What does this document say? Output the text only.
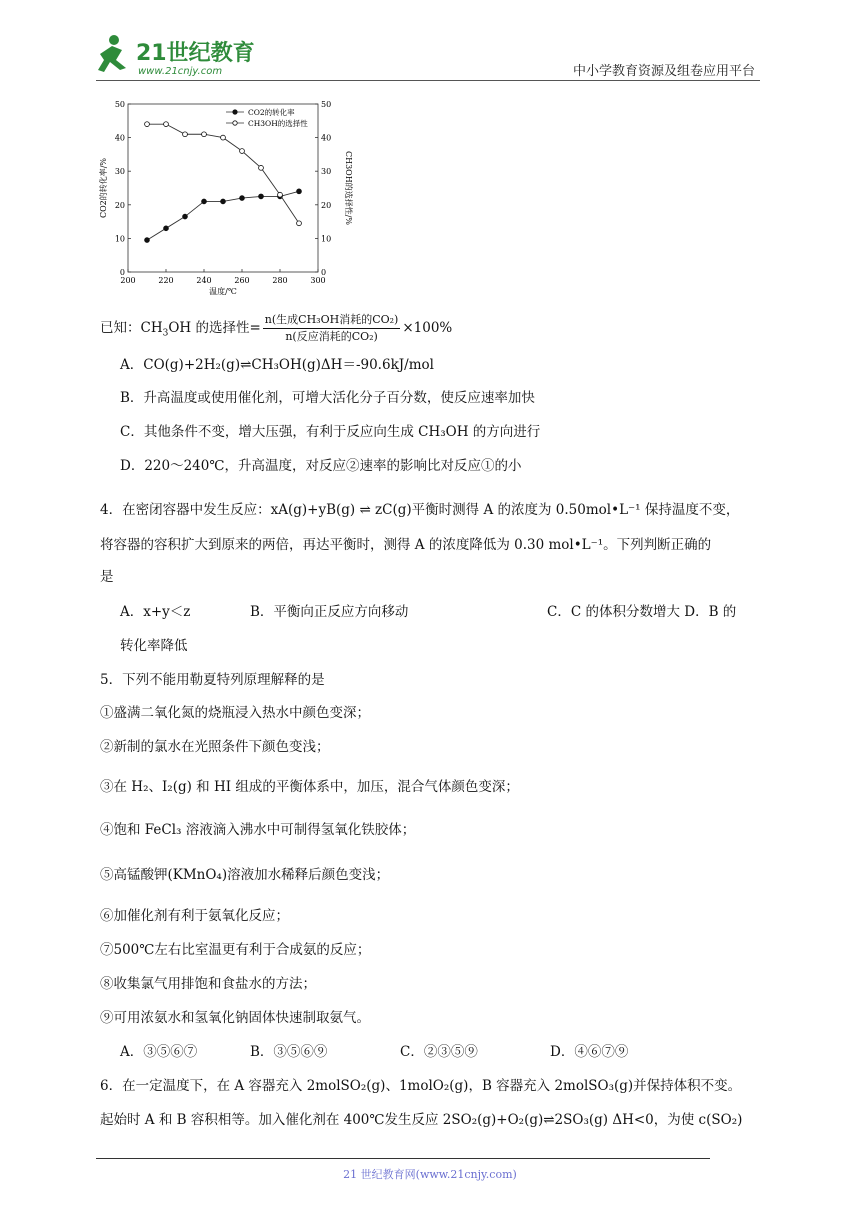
21世纪教育
www.21cnjy.com	中小学教育资源及组卷应用平台
200	220	240	260	280	300
0	0
10	10
20	20
30	30
40	40
50	50
温度/℃
CO2的转化率/%	CH3OH的选择性/%
CO2的转化率
CH3OH的选择性
已知：$CH_3OH$ 的选择性= $\frac{\text{n(生成CH₃OH消耗的CO₂)}}{\text{n(反应消耗的CO₂)}} \times 100\%$
A．CO(g)+2H₂(g)⇌CH₃OH(g)ΔH＝-90.6kJ/mol
B．升高温度或使用催化剂，可增大活化分子百分数，使反应速率加快
C．其他条件不变，增大压强，有利于反应向生成 CH₃OH 的方向进行
D．220～240℃，升高温度，对反应②速率的影响比对反应①的小
4．在密闭容器中发生反应：xA(g)+yB(g) ⇌ zC(g)平衡时测得 A 的浓度为 0.50mol•L⁻¹ 保持温度不变，
将容器的容积扩大到原来的两倍，再达平衡时，测得 A 的浓度降低为 0.30 mol•L⁻¹。下列判断正确的
是
A．x+y＜z	B．平衡向正反应方向移动	C．C 的体积分数增大 D．B 的
转化率降低
5．下列不能用勒夏特列原理解释的是
①盛满二氧化氮的烧瓶浸入热水中颜色变深；
②新制的氯水在光照条件下颜色变浅；
③在 H₂、I₂(g) 和 HI 组成的平衡体系中，加压，混合气体颜色变深；
④饱和 FeCl₃ 溶液滴入沸水中可制得氢氧化铁胶体；
⑤高锰酸钾(KMnO₄)溶液加水稀释后颜色变浅；
⑥加催化剂有利于氨氧化反应；
⑦500℃左右比室温更有利于合成氨的反应；
⑧收集氯气用排饱和食盐水的方法；
⑨可用浓氨水和氢氧化钠固体快速制取氨气。
A．③⑤⑥⑦	B．③⑤⑥⑨	C．②③⑤⑨	D．④⑥⑦⑨
6．在一定温度下，在 A 容器充入 2molSO₂(g)、1molO₂(g)，B 容器充入 2molSO₃(g)并保持体积不变。
起始时 A 和 B 容积相等。加入催化剂在 400℃发生反应 2SO₂(g)+O₂(g)⇌2SO₃(g) ΔH<0，为使 c(SO₂)
21 世纪教育网(www.21cnjy.com)
